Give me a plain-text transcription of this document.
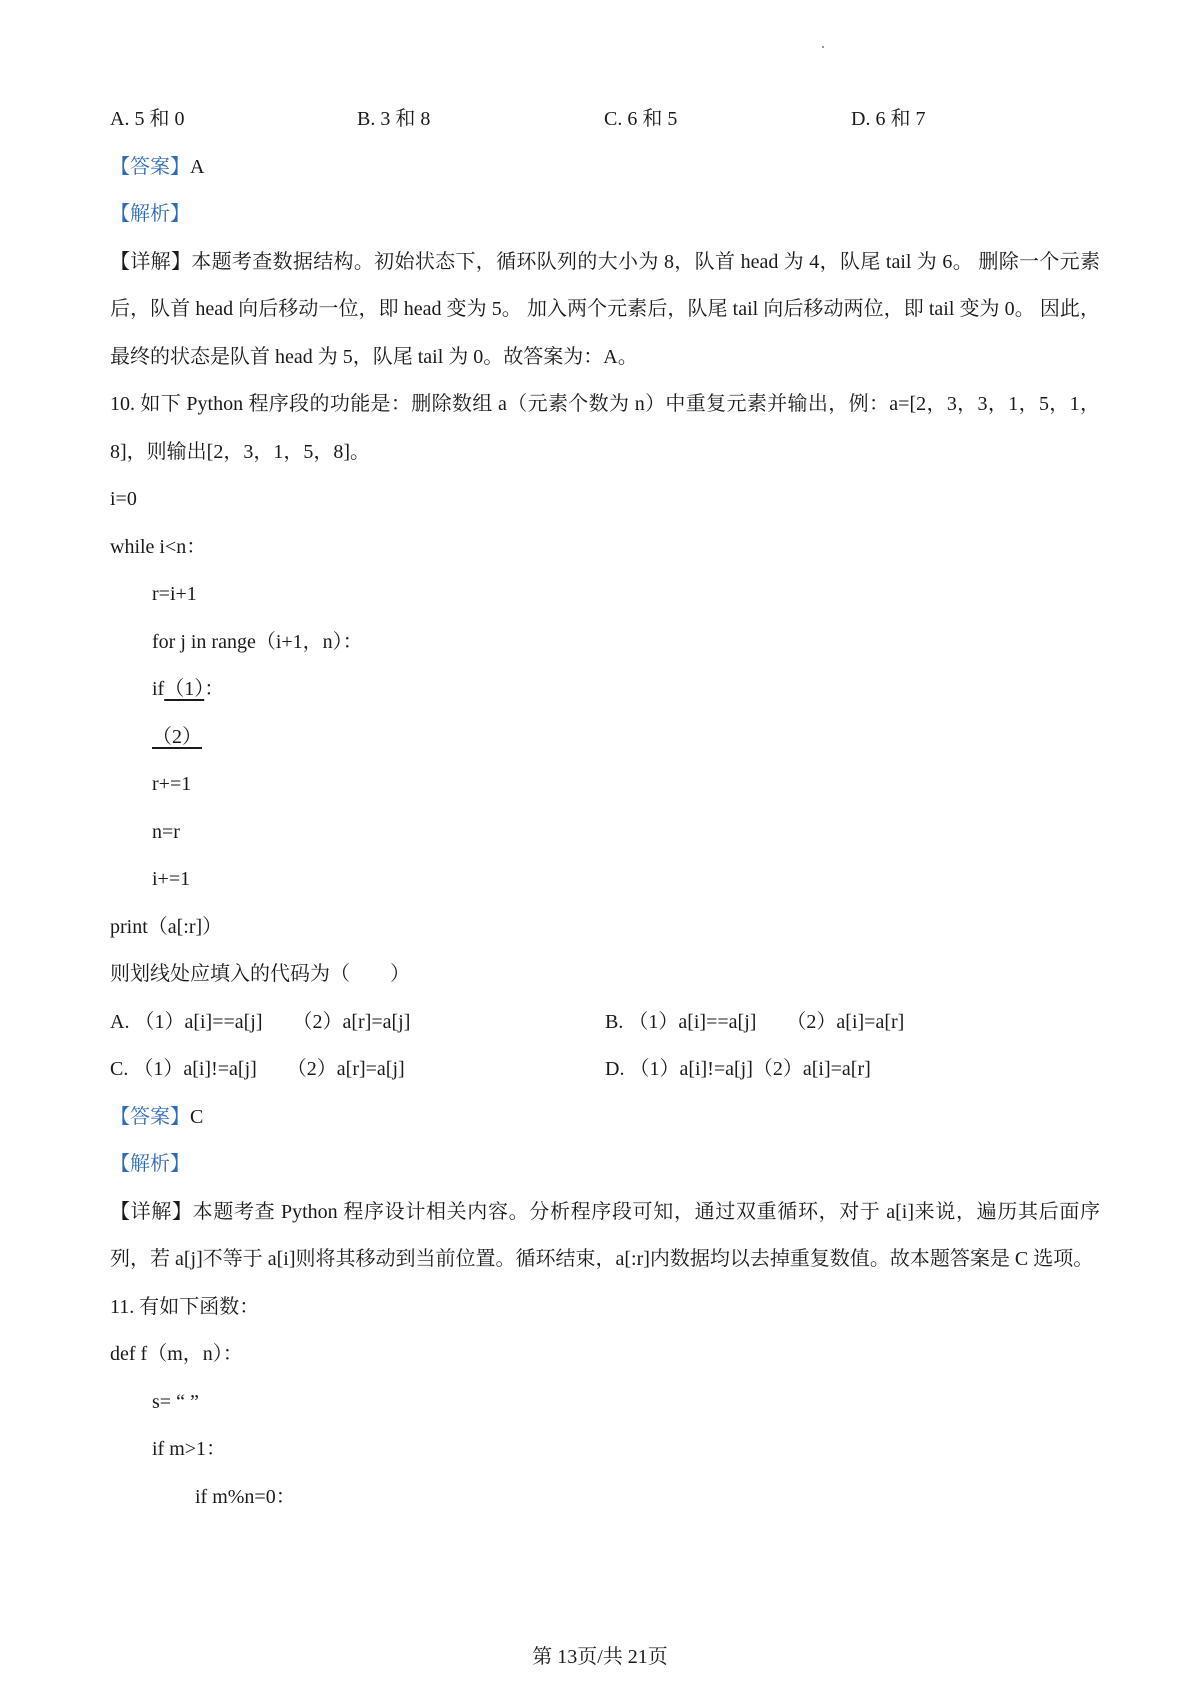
A. 5 和 0	B. 3 和 8	C. 6 和 5	D. 6 和 7
【答案】A
【解析】
【详解】本题考查数据结构。初始状态下，循环队列的大小为 8，队首 head 为 4，队尾 tail 为 6。 删除一个元素后，队首 head 向后移动一位，即 head 变为 5。 加入两个元素后，队尾 tail 向后移动两位，即 tail 变为 0。 因此，最终的状态是队首 head 为 5，队尾 tail 为 0。故答案为：A。
10. 如下 Python 程序段的功能是：删除数组 a（元素个数为 n）中重复元素并输出，例：a=[2，3，3，1，5，1，8]，则输出[2，3，1，5，8]。
i=0
while i<n：
r=i+1
for j in range（i+1，n）：
if（1）：
（2）
r+=1
n=r
i+=1
print（a[:r]）
则划线处应填入的代码为（　　）
A. （1）a[i]==a[j]　　（2）a[r]=a[j]	B. （1）a[i]==a[j]　　（2）a[i]=a[r]
C. （1）a[i]!=a[j]　　（2）a[r]=a[j]	D. （1）a[i]!=a[j]（2）a[i]=a[r]
【答案】C
【解析】
【详解】本题考查 Python 程序设计相关内容。分析程序段可知，通过双重循环，对于 a[i]来说，遍历其后面序列，若 a[j]不等于 a[i]则将其移动到当前位置。循环结束，a[:r]内数据均以去掉重复数值。故本题答案是 C 选项。
11. 有如下函数：
def f（m，n）：
s= “ ”
if m>1：
if m%n=0：
第 13页/共 21页
